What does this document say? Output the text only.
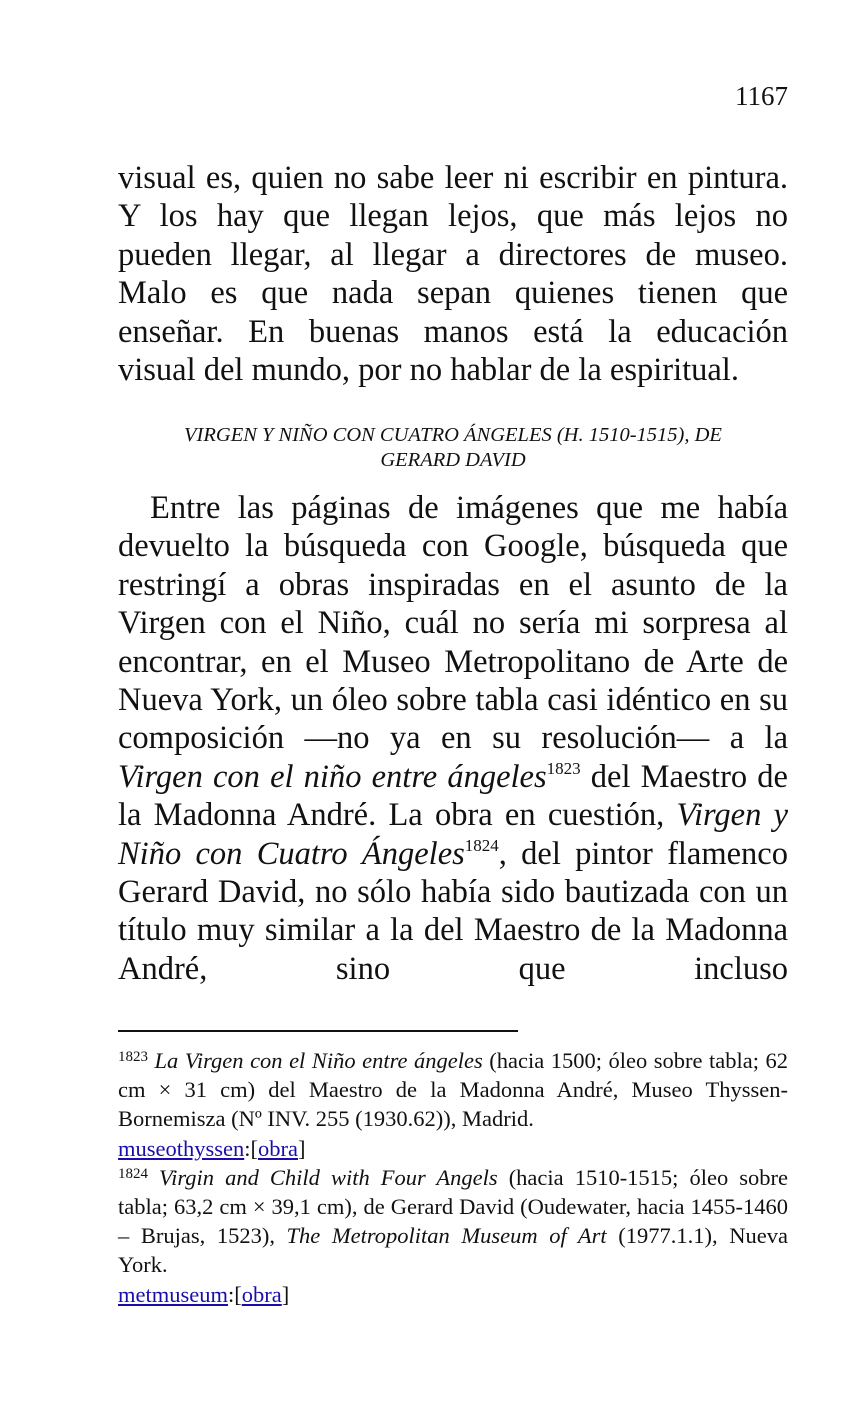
1167

visual es, quien no sabe leer ni escribir en pintura. Y los hay que llegan lejos, que más lejos no pueden llegar, al llegar a directores de museo. Malo es que nada sepan quienes tienen que enseñar. En buenas manos está la educación
visual del mundo, por no hablar de la espiritual.

VIRGEN Y NIÑO CON CUATRO ÁNGELES (H. 1510-1515), DE
GERARD DAVID

Entre las páginas de imágenes que me había devuelto la búsqueda con Google, búsqueda que restringí a obras inspiradas en el asunto de la Virgen con el Niño, cuál no sería mi sorpresa al encontrar, en el Museo Metropolitano de Arte de Nueva York, un óleo sobre tabla casi idéntico en su composición —no ya en su resolución— a la Virgen con el niño entre ángeles$^{1823}$ del Maestro de la Madonna André. La obra en cuestión, Virgen y Niño con Cuatro Ángeles$^{1824}$, del pintor flamenco Gerard David, no sólo había sido bautizada con un título muy similar a la del Maestro de la Madonna André, sino que incluso

$^{1823}$ La Virgen con el Niño entre ángeles (hacia 1500; óleo sobre tabla; 62 cm × 31 cm) del Maestro de la Madonna André, Museo Thyssen-Bornemisza (Nº INV. 255 (1930.62)), Madrid.
museothyssen:[obra]
$^{1824}$ Virgin and Child with Four Angels (hacia 1510-1515; óleo sobre tabla; 63,2 cm × 39,1 cm), de Gerard David (Oudewater, hacia 1455-1460 – Brujas, 1523), The Metropolitan Museum of Art (1977.1.1), Nueva York.
metmuseum:[obra]
